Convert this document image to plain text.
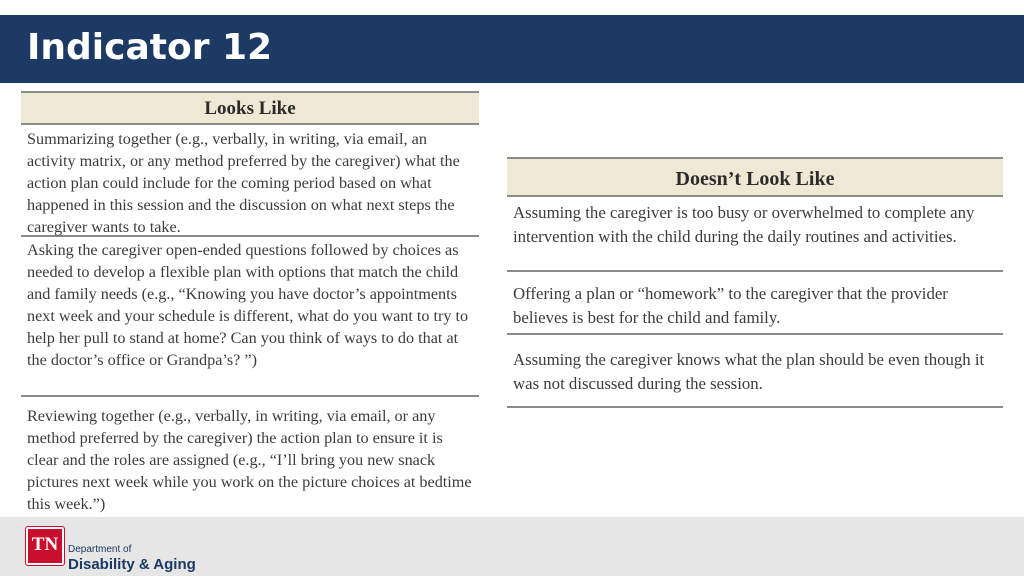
Indicator 12
Looks Like
Summarizing together (e.g., verbally, in writing, via email, an activity matrix, or any method preferred by the caregiver) what the action plan could include for the coming period based on what happened in this session and the discussion on what next steps the caregiver wants to take.
Asking the caregiver open-ended questions followed by choices as needed to develop a flexible plan with options that match the child and family needs (e.g., “Knowing you have doctor’s appointments next week and your schedule is different, what do you want to try to help her pull to stand at home? Can you think of ways to do that at the doctor’s office or Grandpa’s? ”)
Reviewing together (e.g., verbally, in writing, via email, or any method preferred by the caregiver) the action plan to ensure it is clear and the roles are assigned (e.g., “I’ll bring you new snack pictures next week while you work on the picture choices at bedtime this week.”)
Doesn’t Look Like
Assuming the caregiver is too busy or overwhelmed to complete any intervention with the child during the daily routines and activities.
Offering a plan or “homework” to the caregiver that the provider believes is best for the child and family.
Assuming the caregiver knows what the plan should be even though it was not discussed during the session.
TN Department of
Disability & Aging
